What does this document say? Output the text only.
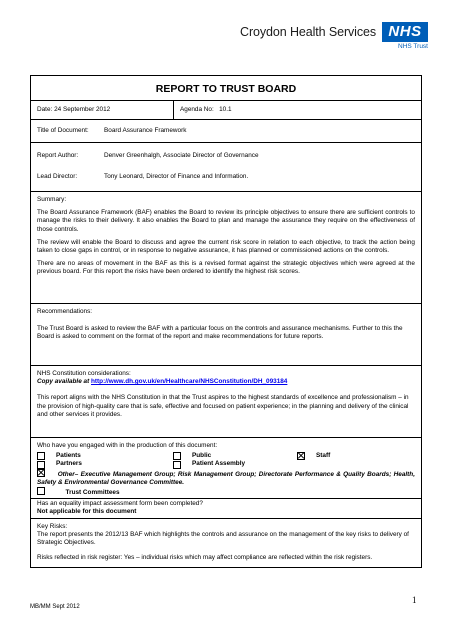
Croydon Health Services NHS
NHS Trust
REPORT TO TRUST BOARD
Date:
24 September 2012	Agenda No: 10.1
Title of Document:	Board Assurance Framework
Report Author:	Denver Greenhalgh, Associate Director of Governance
Lead Director:	Tony Leonard, Director of Finance and Information.

Summary:

The Board Assurance Framework (BAF) enables the Board to review its principle objectives to ensure there are sufficient controls to manage the risks to their delivery. It also enables the Board to plan and manage the assurance they require on the effectiveness of those controls.

The review will enable the Board to discuss and agree the current risk score in relation to each objective, to track the action being taken to close gaps in control, or in response to negative assurance, it has planned or commissioned actions on the controls.

There are no areas of movement in the BAF as this is a revised format against the strategic objectives which were agreed at the previous board. For this report the risks have been ordered to identify the highest risk scores.

Recommendations:

The Trust Board is asked to review the BAF with a particular focus on the controls and assurance mechanisms. Further to this the Board is asked to comment on the format of the report and make recommendations for future reports.

NHS Constitution considerations:

Copy available at http://www.dh.gov.uk/en/Healthcare/NHSConstitution/DH_093184

This report aligns with the NHS Constitution in that the Trust aspires to the highest standards of excellence and professionalism – in the provision of high-quality care that is safe, effective and focused on patient experience; in the planning and delivery of the clinical and other services it provides.

Who have you engaged with in the production of this document:

Patients	Public	Staff
Partners	Patient Assembly

Other– Executive Management Group; Risk Management Group; Directorate Performance & Quality Boards; Health, Safety & Environmental Governance Committee.

Trust Committees

Has an equality impact assessment form been completed?

Not applicable for this document

Key Risks:

The report presents the 2012/13 BAF which highlights the controls and assurance on the management of the key risks to delivery of Strategic Objectives.

Risks reflected in risk register: Yes – individual risks which may affect compliance are reflected within the risk registers.

1
MB/MM Sept 2012
